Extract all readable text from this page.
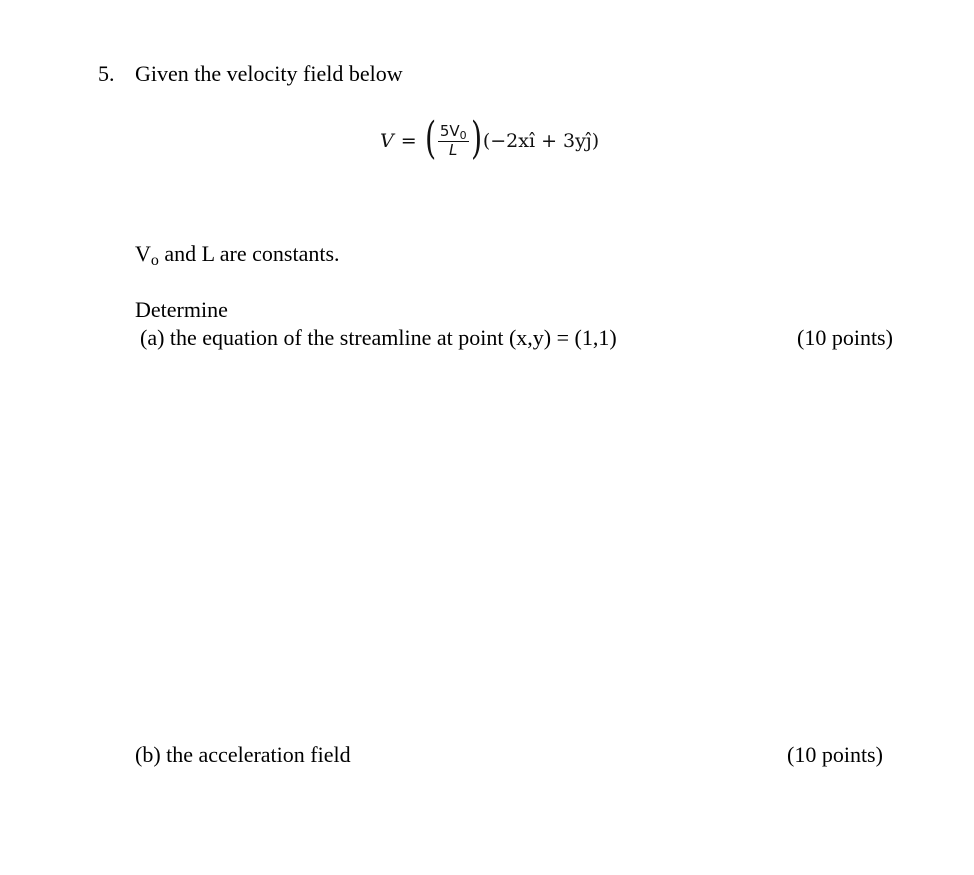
5. Given the velocity field below
V = ( $\frac{5V_0}{L}$ ) (−2xî + 3yĵ)
Vo and L are constants.
Determine
(a) the equation of the streamline at point (x,y) = (1,1)	(10 points)
(b) the acceleration field	(10 points)
